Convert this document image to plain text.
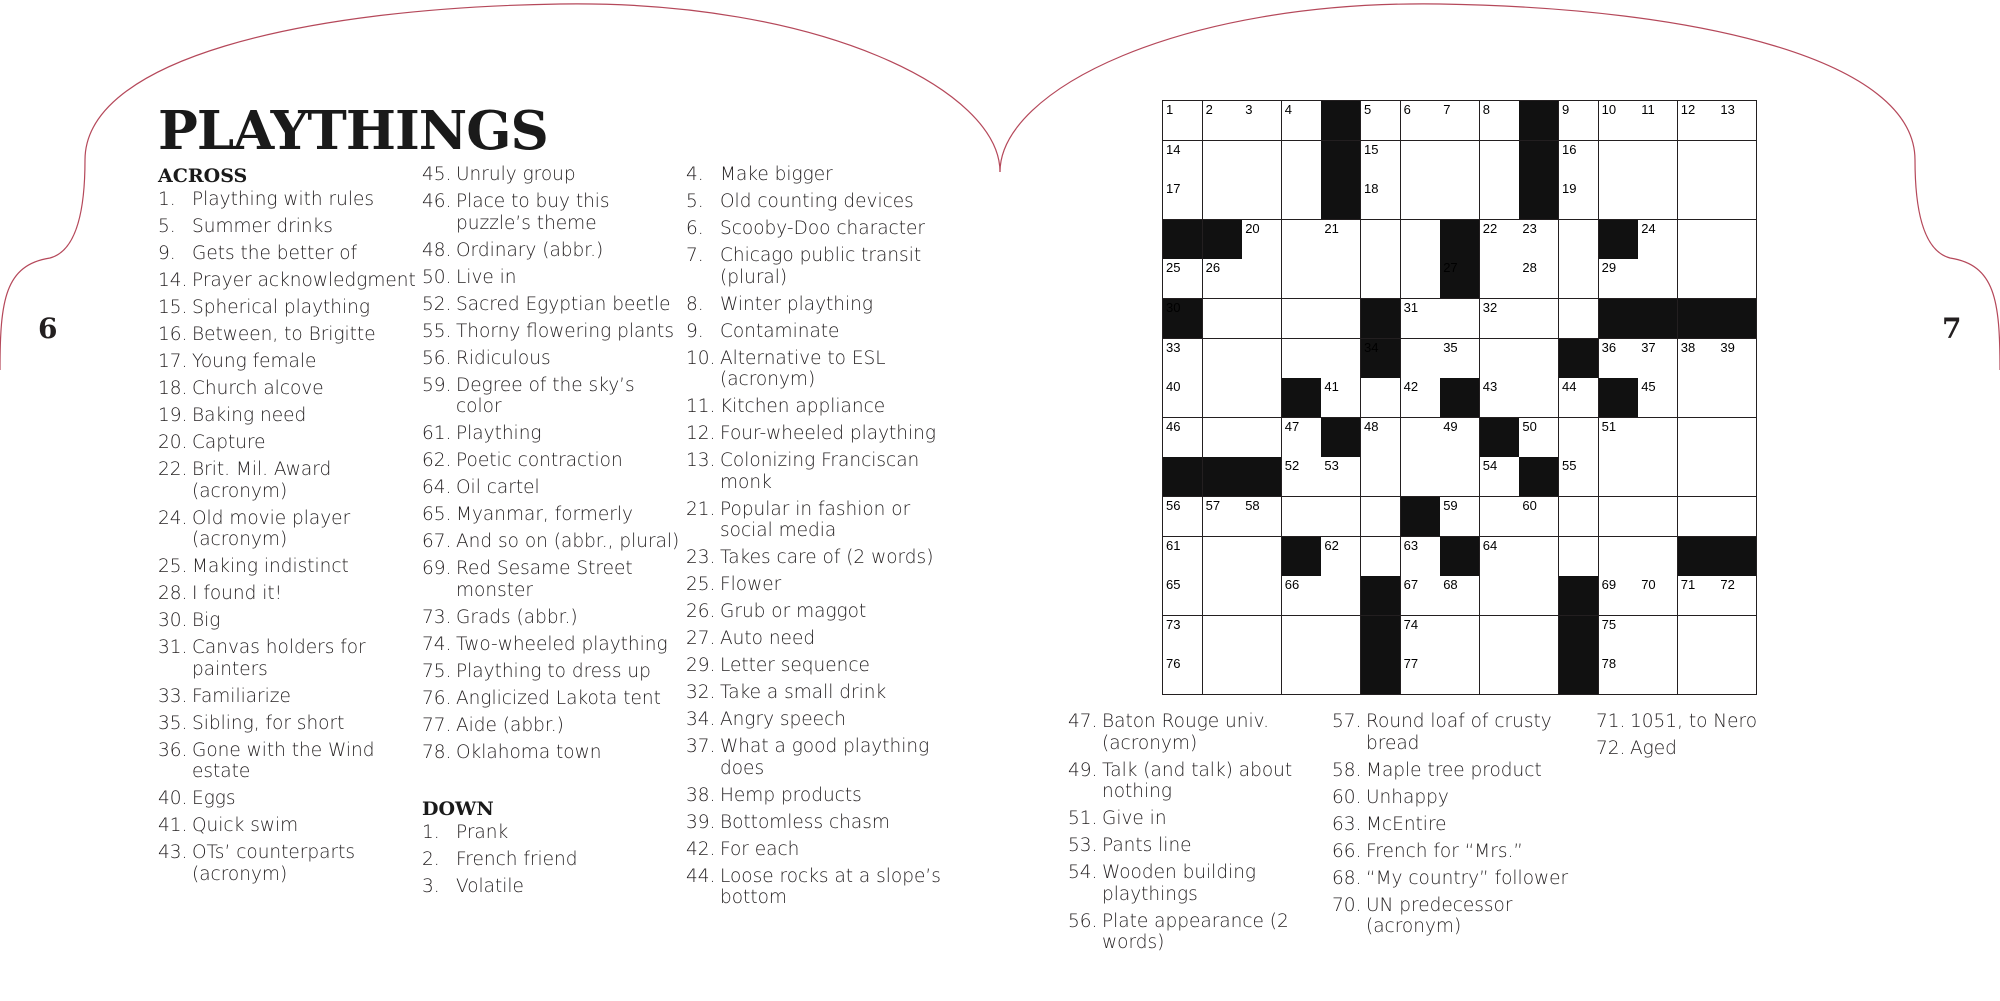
6	7
PLAYTHINGS
ACROSS
1. Plaything with rules
5. Summer drinks
9. Gets the better of
14. Prayer acknowledgment
15. Spherical plaything
16. Between, to Brigitte
17. Young female
18. Church alcove
19. Baking need
20. Capture
22. Brit. Mil. Award (acronym)
24. Old movie player (acronym)
25. Making indistinct
28. I found it!
30. Big
31. Canvas holders for painters
33. Familiarize
35. Sibling, for short
36. Gone with the Wind estate
40. Eggs
41. Quick swim
43. OTs’ counterparts (acronym)
45. Unruly group
46. Place to buy this puzzle’s theme
48. Ordinary (abbr.)
50. Live in
52. Sacred Egyptian beetle
55. Thorny flowering plants
56. Ridiculous
59. Degree of the sky’s color
61. Plaything
62. Poetic contraction
64. Oil cartel
65. Myanmar, formerly
67. And so on (abbr., plural)
69. Red Sesame Street monster
73. Grads (abbr.)
74. Two-wheeled plaything
75. Plaything to dress up
76. Anglicized Lakota tent
77. Aide (abbr.)
78. Oklahoma town
DOWN
1. Prank
2. French friend
3. Volatile
4. Make bigger
5. Old counting devices
6. Scooby-Doo character
7. Chicago public transit (plural)
8. Winter plaything
9. Contaminate
10. Alternative to ESL (acronym)
11. Kitchen appliance
12. Four-wheeled plaything
13. Colonizing Franciscan monk
21. Popular in fashion or social media
23. Takes care of (2 words)
25. Flower
26. Grub or maggot
27. Auto need
29. Letter sequence
32. Take a small drink
34. Angry speech
37. What a good plaything does
38. Hemp products
39. Bottomless chasm
42. For each
44. Loose rocks at a slope’s bottom
1 2 3 4	5 6 7 8	9 10 11 12 13
14	15	16
17	18	19
20	21	22 23	24
25 26	27	28	29
30	31	32
33	34	35	36 37 38 39
40	41	42	43	44	45
46	47	48	49	50	51
52 53	54	55
56 57 58	59	60
61	62	63	64
65	66	67 68	69 70 71 72
73	74	75
76	77	78
47. Baton Rouge univ. (acronym)
49. Talk (and talk) about nothing
51. Give in
53. Pants line
54. Wooden building playthings
56. Plate appearance (2 words)
57. Round loaf of crusty bread
58. Maple tree product
60. Unhappy
63. McEntire
66. French for “Mrs.”
68. “My country” follower
70. UN predecessor (acronym)
71. 1051, to Nero
72. Aged
